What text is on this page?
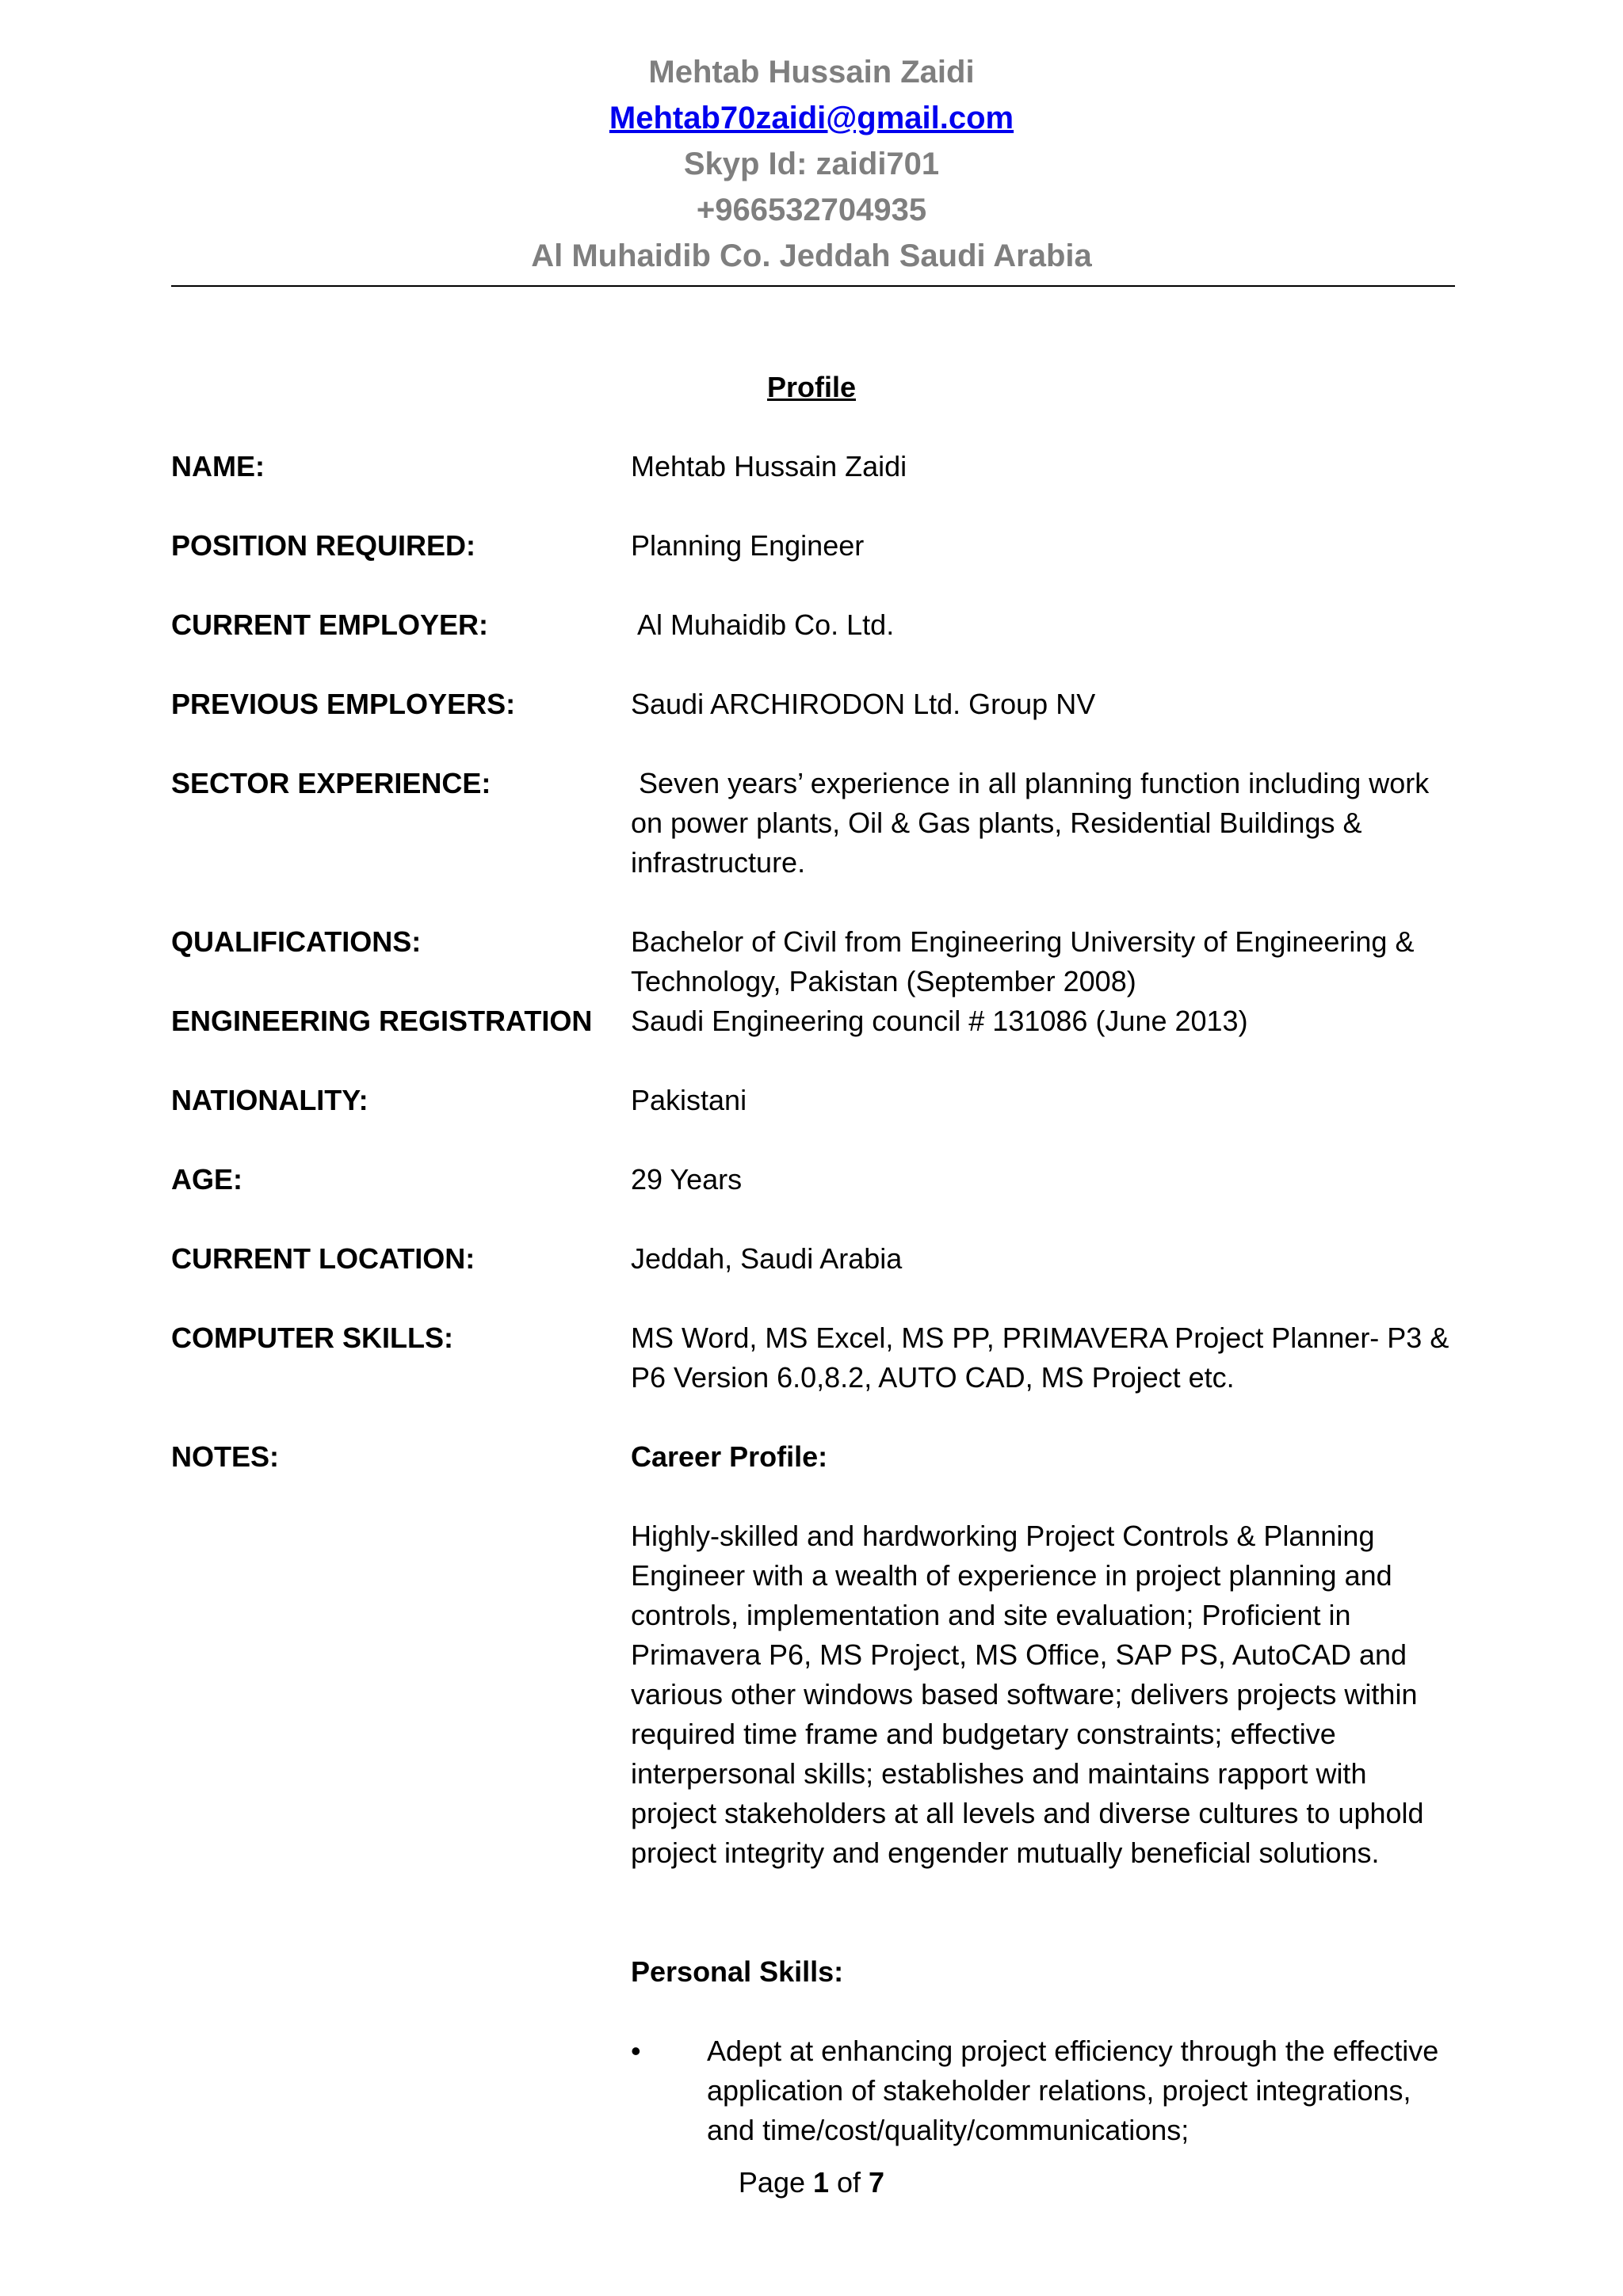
Mehtab Hussain Zaidi
Mehtab70zaidi@gmail.com
Skyp Id: zaidi701
+966532704935
Al Muhaidib Co. Jeddah Saudi Arabia
Profile
NAME:	Mehtab Hussain Zaidi
POSITION REQUIRED:	Planning Engineer
CURRENT EMPLOYER:	Al Muhaidib Co. Ltd.
PREVIOUS EMPLOYERS:	Saudi ARCHIRODON Ltd. Group NV
SECTOR EXPERIENCE:	Seven years’ experience in all planning function including work on power plants, Oil & Gas plants, Residential Buildings & infrastructure.
QUALIFICATIONS:	Bachelor of Civil from Engineering University of Engineering & Technology, Pakistan (September 2008)
ENGINEERING REGISTRATION	Saudi Engineering council # 131086 (June 2013)
NATIONALITY:	Pakistani
AGE:	29 Years
CURRENT LOCATION:	Jeddah, Saudi Arabia
COMPUTER SKILLS:	MS Word, MS Excel, MS PP, PRIMAVERA Project Planner- P3 & P6 Version 6.0,8.2, AUTO CAD, MS Project etc.
NOTES:	Career Profile:
Highly-skilled and hardworking Project Controls & Planning Engineer with a wealth of experience in project planning and controls, implementation and site evaluation; Proficient in Primavera P6, MS Project, MS Office, SAP PS, AutoCAD and various other windows based software; delivers projects within required time frame and budgetary constraints; effective interpersonal skills; establishes and maintains rapport with project stakeholders at all levels and diverse cultures to uphold project integrity and engender mutually beneficial solutions.
Personal Skills:
• Adept at enhancing project efficiency through the effective application of stakeholder relations, project integrations, and time/cost/quality/communications;
Page 1 of 7
